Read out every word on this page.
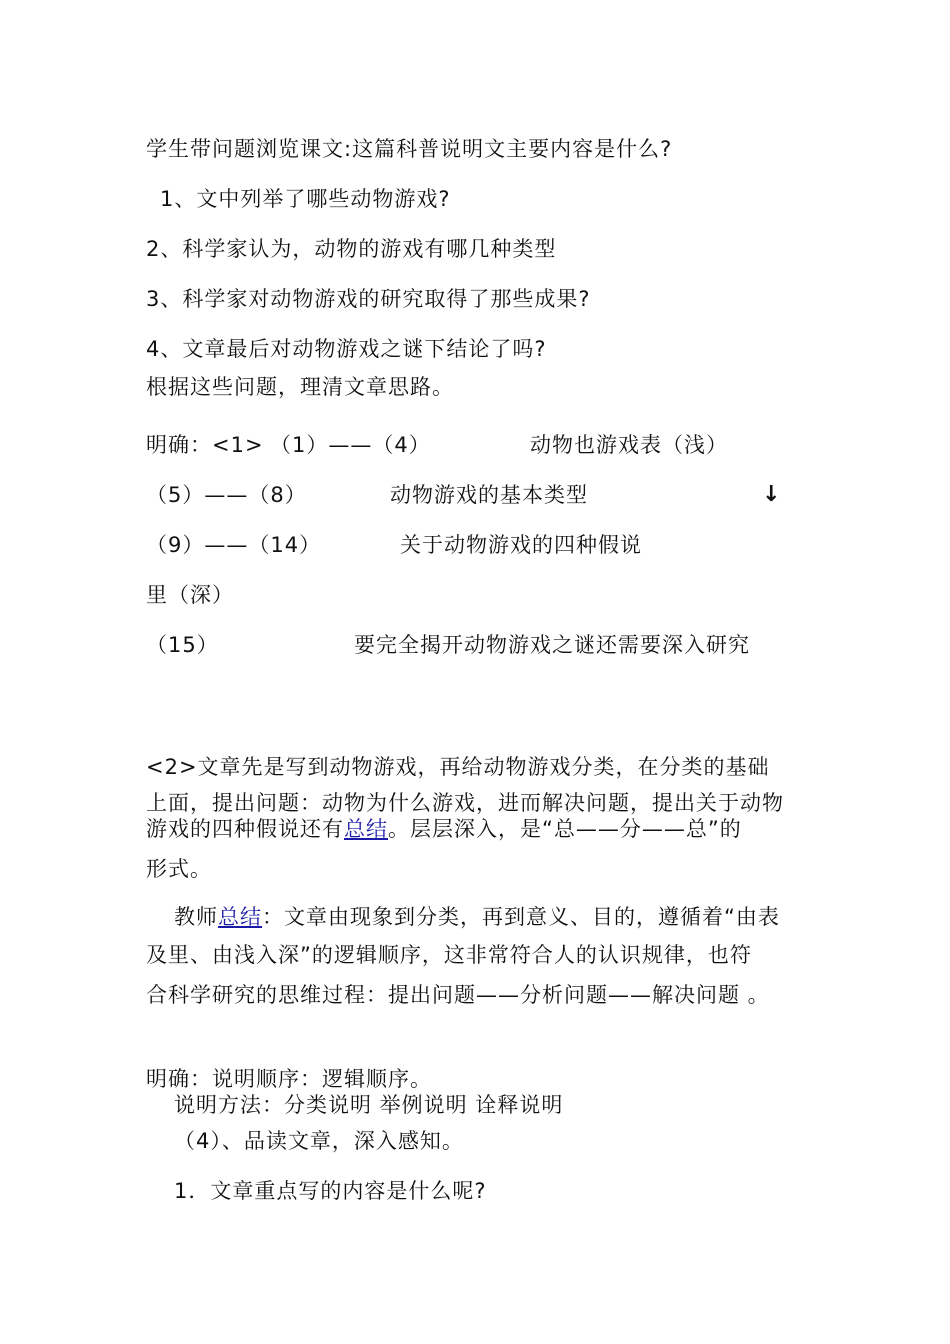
学生带问题浏览课文:这篇科普说明文主要内容是什么?
1、文中列举了哪些动物游戏?
2、科学家认为，动物的游戏有哪几种类型
3、科学家对动物游戏的研究取得了那些成果?
4、文章最后对动物游戏之谜下结论了吗?
根据这些问题，理清文章思路。
明确：<1> （1）——（4）	动物也游戏表（浅）
（5）——（8）	动物游戏的基本类型	↓
（9）——（14）	关于动物游戏的四种假说
里（深）
（15）	要完全揭开动物游戏之谜还需要深入研究
<2>文章先是写到动物游戏，再给动物游戏分类，在分类的基础
上面，提出问题：动物为什么游戏，进而解决问题，提出关于动物
游戏的四种假说还有总结。层层深入，是“总——分——总”的
形式。
教师总结：文章由现象到分类，再到意义、目的，遵循着“由表
及里、由浅入深”的逻辑顺序，这非常符合人的认识规律，也符
合科学研究的思维过程：提出问题——分析问题——解决问题 。
明确：说明顺序：逻辑顺序。
说明方法：分类说明 举例说明 诠释说明
（4）、品读文章，深入感知。
1．文章重点写的内容是什么呢?
